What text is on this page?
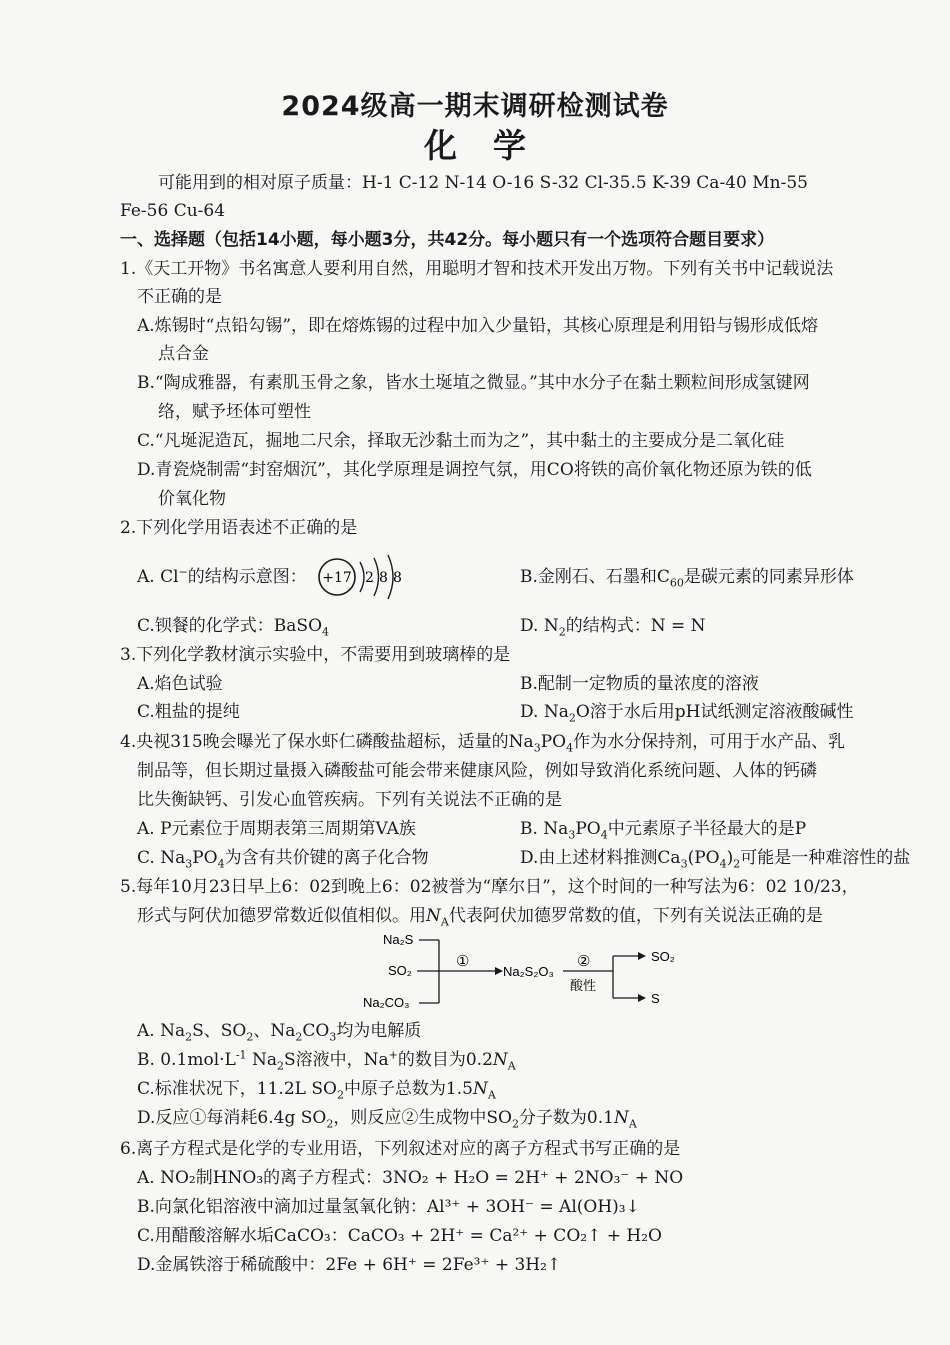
2024级高一期末调研检测试卷
化学
可能用到的相对原子质量：H-1 C-12 N-14 O-16 S-32 Cl-35.5 K-39 Ca-40 Mn-55
Fe-56 Cu-64
一、选择题（包括14小题，每小题3分，共42分。每小题只有一个选项符合题目要求）
1.《天工开物》书名寓意人要利用自然，用聪明才智和技术开发出万物。下列有关书中记载说法
不正确的是
A.炼锡时“点铅勾锡”，即在熔炼锡的过程中加入少量铅，其核心原理是利用铅与锡形成低熔
点合金
B.“陶成雅器，有素肌玉骨之象，皆水土埏埴之微显。”其中水分子在黏土颗粒间形成氢键网
络，赋予坯体可塑性
C.“凡埏泥造瓦，掘地二尺余，择取无沙黏土而为之”，其中黏土的主要成分是二氧化硅
D.青瓷烧制需“封窑烟沉”，其化学原理是调控气氛，用CO将铁的高价氧化物还原为铁的低
价氧化物
2.下列化学用语表述不正确的是
A. Cl−的结构示意图： +17 2 8 8	B.金刚石、石墨和$C_{60}$是碳元素的同素异形体
C.钡餐的化学式：BaSO$_4$	D. $N_2$的结构式：N = N
3.下列化学教材演示实验中，不需要用到玻璃棒的是
A.焰色试验	B.配制一定物质的量浓度的溶液
C.粗盐的提纯	D. $Na_2O$溶于水后用pH试纸测定溶液酸碱性
4.央视315晚会曝光了保水虾仁磷酸盐超标，适量的$Na_3PO_4$作为水分保持剂，可用于水产品、乳
制品等，但长期过量摄入磷酸盐可能会带来健康风险，例如导致消化系统问题、人体的钙磷
比失衡缺钙、引发心血管疾病。下列有关说法不正确的是
A. P元素位于周期表第三周期第VA族	B. $Na_3PO_4$中元素原子半径最大的是P
C. $Na_3PO_4$为含有共价键的离子化合物	D.由上述材料推测$Ca_3(PO_4)_2$可能是一种难溶性的盐
5.每年10月23日早上6：02到晚上6：02被誉为“摩尔日”，这个时间的一种写法为6：02 10/23，
形式与阿伏加德罗常数近似值相似。用$N_A$代表阿伏加德罗常数的值，下列有关说法正确的是
Na₂S
SO₂
Na₂CO₃
①
Na₂S₂O₃
②
酸性
SO₂
S
A. $Na_2S$、$SO_2$、$Na_2CO_3$均为电解质
B. $0.1mol\cdot L^{-1}$ $Na_2S$溶液中，Na+的数目为$0.2N_A$
C.标准状况下，11.2L $SO_2$中原子总数为$1.5N_A$
D.反应①每消耗6.4g $SO_2$，则反应②生成物中$SO_2$分子数为$0.1N_A$
6.离子方程式是化学的专业用语，下列叙述对应的离子方程式书写正确的是
A. NO₂制HNO₃的离子方程式：3NO₂ + H₂O = 2H⁺ + 2NO₃⁻ + NO
B.向氯化铝溶液中滴加过量氢氧化钠：Al³⁺ + 3OH⁻ = Al(OH)₃↓
C.用醋酸溶解水垢CaCO₃：CaCO₃ + 2H⁺ = Ca²⁺ + CO₂↑ + H₂O
D.金属铁溶于稀硫酸中：2Fe + 6H⁺ = 2Fe³⁺ + 3H₂↑
